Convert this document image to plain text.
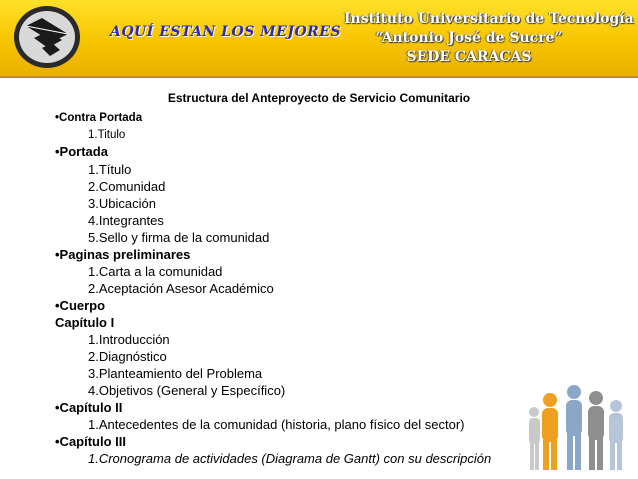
AQUÍ ESTAN LOS MEJORES
Instituto Universitario de Tecnología
“Antonio José de Sucre”
SEDE CARACAS
Estructura del Anteproyecto de Servicio Comunitario
•Contra Portada
1.Titulo
•Portada
1.Título
2.Comunidad
3.Ubicación
4.Integrantes
5.Sello y firma de la comunidad
•Paginas preliminares
1.Carta a la comunidad
2.Aceptación Asesor Académico
•Cuerpo
Capítulo I
1.Introducción
2.Diagnóstico
3.Planteamiento del Problema
4.Objetivos (General y Específico)
•Capítulo II
1.Antecedentes de la comunidad (historia, plano físico del sector)
•Capítulo III
1.Cronograma de actividades (Diagrama de Gantt) con su descripción
